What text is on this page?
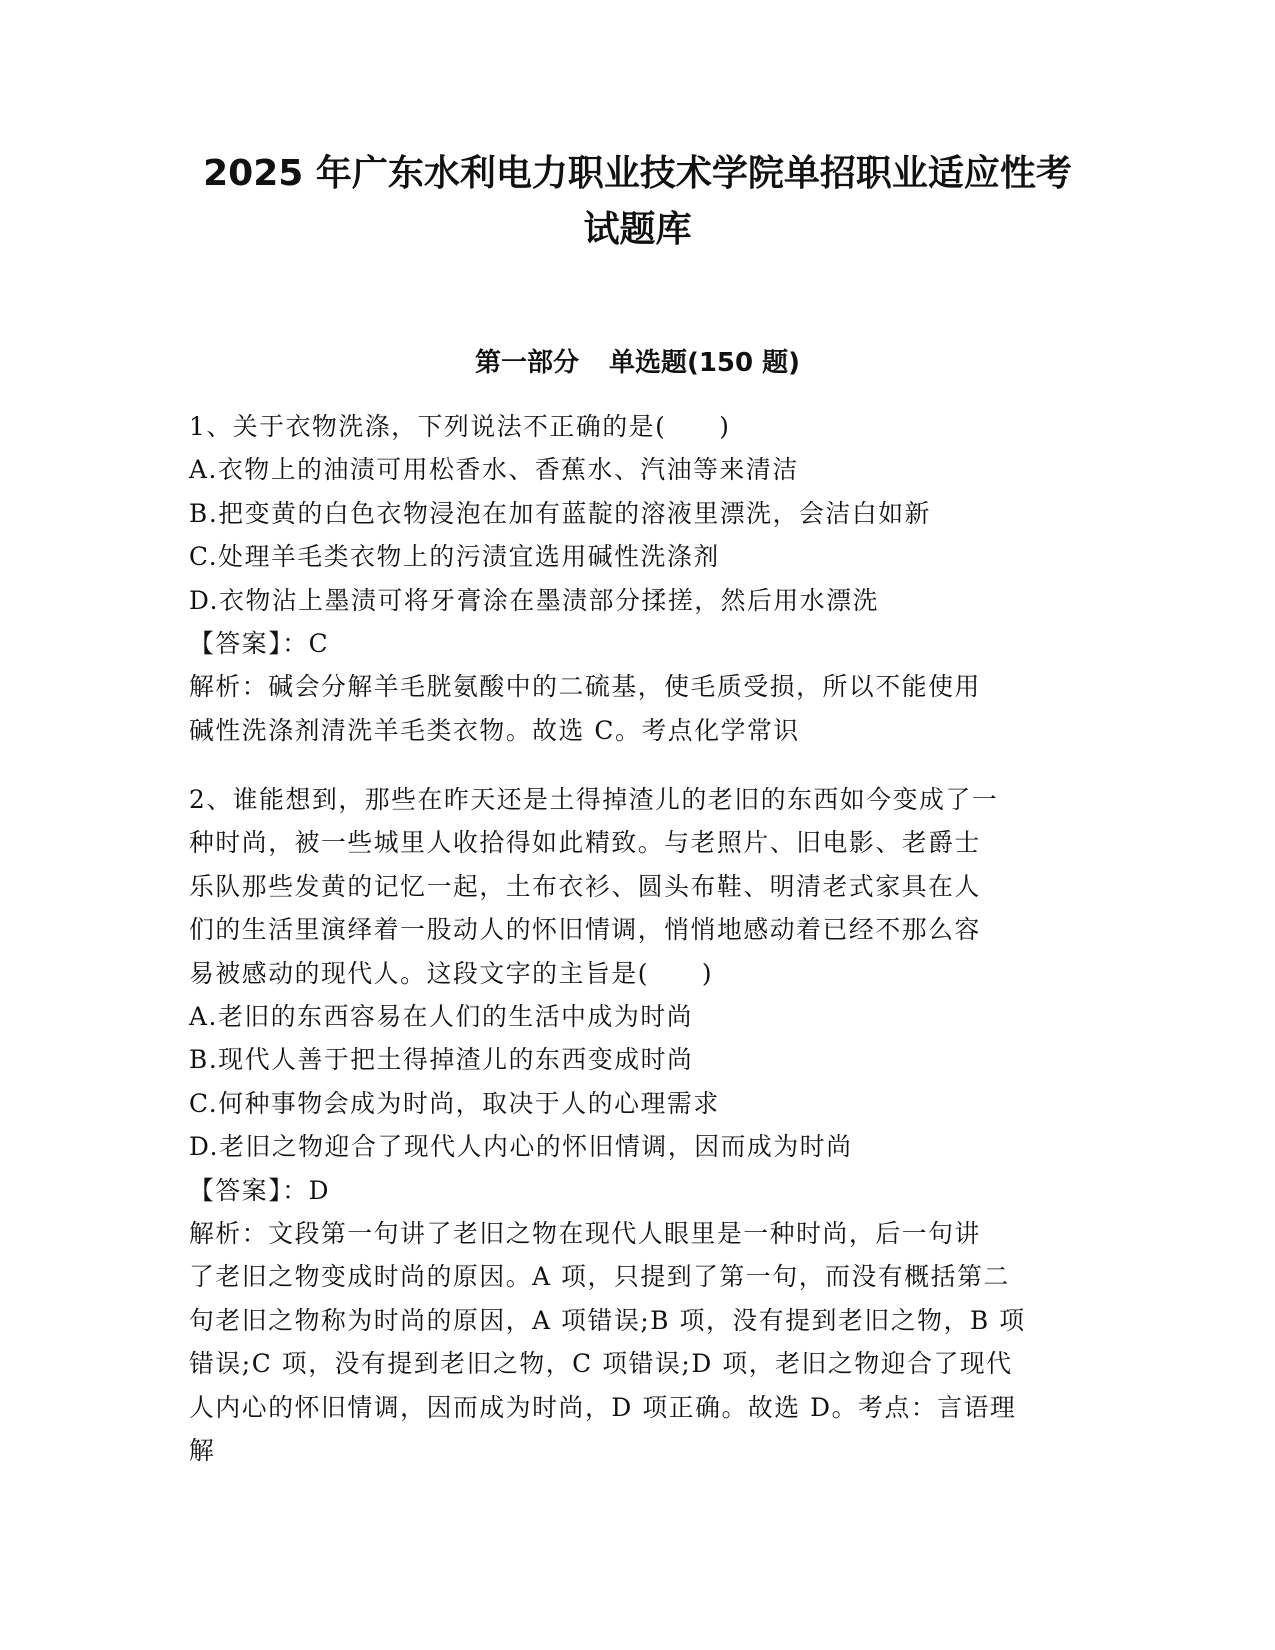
2025 年广东水利电力职业技术学院单招职业适应性考
试题库
第一部分 单选题(150 题)
1、关于衣物洗涤，下列说法不正确的是(　　)
A.衣物上的油渍可用松香水、香蕉水、汽油等来清洁
B.把变黄的白色衣物浸泡在加有蓝靛的溶液里漂洗，会洁白如新
C.处理羊毛类衣物上的污渍宜选用碱性洗涤剂
D.衣物沾上墨渍可将牙膏涂在墨渍部分揉搓，然后用水漂洗
【答案】：C
解析：碱会分解羊毛胱氨酸中的二硫基，使毛质受损，所以不能使用
碱性洗涤剂清洗羊毛类衣物。故选 C。考点化学常识
2、谁能想到，那些在昨天还是土得掉渣儿的老旧的东西如今变成了一
种时尚，被一些城里人收拾得如此精致。与老照片、旧电影、老爵士
乐队那些发黄的记忆一起，土布衣衫、圆头布鞋、明清老式家具在人
们的生活里演绎着一股动人的怀旧情调，悄悄地感动着已经不那么容
易被感动的现代人。这段文字的主旨是(　　)
A.老旧的东西容易在人们的生活中成为时尚
B.现代人善于把土得掉渣儿的东西变成时尚
C.何种事物会成为时尚，取决于人的心理需求
D.老旧之物迎合了现代人内心的怀旧情调，因而成为时尚
【答案】：D
解析：文段第一句讲了老旧之物在现代人眼里是一种时尚，后一句讲
了老旧之物变成时尚的原因。A 项，只提到了第一句，而没有概括第二
句老旧之物称为时尚的原因，A 项错误;B 项，没有提到老旧之物，B 项
错误;C 项，没有提到老旧之物，C 项错误;D 项，老旧之物迎合了现代
人内心的怀旧情调，因而成为时尚，D 项正确。故选 D。考点：言语理
解
